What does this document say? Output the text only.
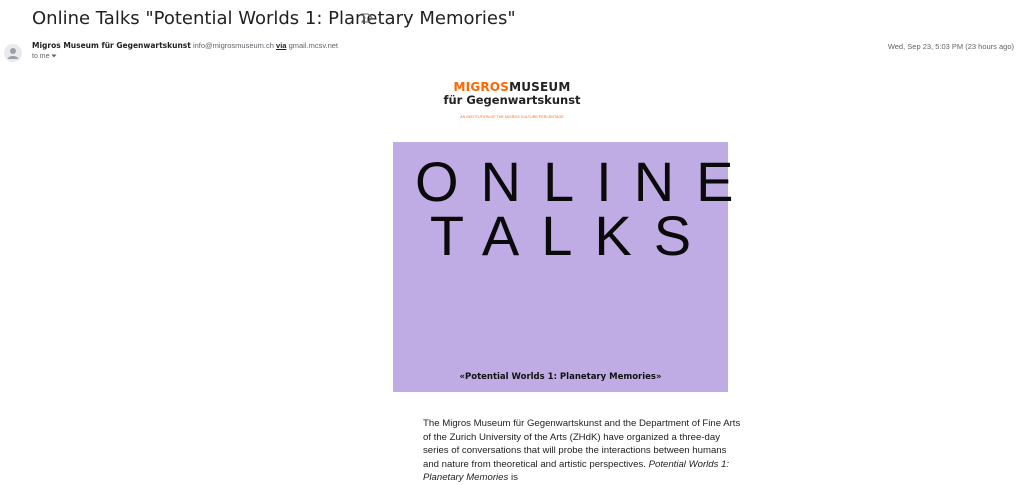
Online Talks "Potential Worlds 1: Planetary Memories"
Migros Museum für Gegenwartskunst info@migrosmuseum.ch via gmail.mcsv.net
to me
Wed, Sep 23, 5:03 PM (23 hours ago)
MIGROSMUSEUM
für Gegenwartskunst
AN INSTITUTION OF THE MIGROS CULTURE PERCENTAGE
ONLINE
TALKS
«Potential Worlds 1: Planetary Memories»

The Migros Museum für Gegenwartskunst and the Department of Fine Arts of the Zurich University of the Arts (ZHdK) have organized a three-day series of conversations that will probe the interactions between humans and nature from theoretical and artistic perspectives. Potential Worlds 1: Planetary Memories is
